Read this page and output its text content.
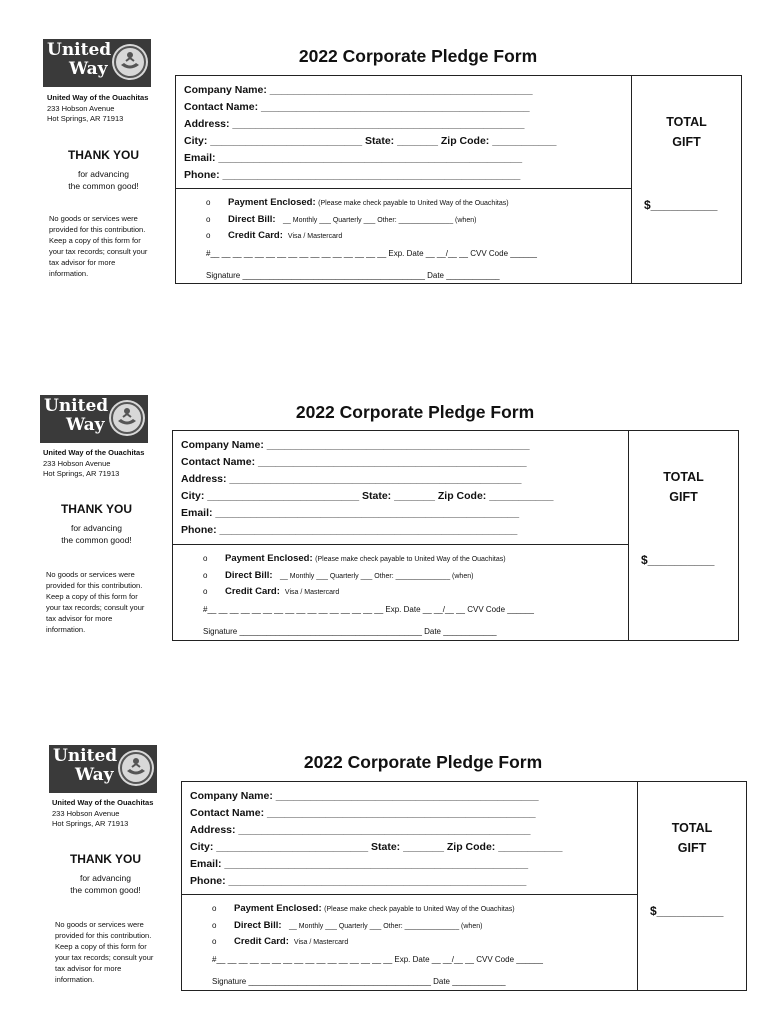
United
Way
United Way of the Ouachitas
233 Hobson Avenue
Hot Springs, AR 71913
THANK YOU
for advancing
the common good!
No goods or services were
provided for this contribution.
Keep a copy of this form for
your tax records; consult your
tax advisor for more
information.
2022 Corporate Pledge Form
Company Name: _____________________________________________
Contact Name: ______________________________________________
Address: __________________________________________________
City: __________________________ State: _______ Zip Code: ___________
Email: ____________________________________________________
Phone: ___________________________________________________
o Payment Enclosed: (Please make check payable to United Way of the Ouachitas)
o Direct Bill: __ Monthly ___ Quarterly ___ Other: ______________ (when)
o Credit Card: Visa / Mastercard
#__ __ __ __ __ __ __ __ __ __ __ __ __ __ __ __ Exp. Date __ __/__ __ CVV Code ______
Signature _________________________________________ Date ____________
TOTAL
GIFT
$__________
United
Way
United Way of the Ouachitas
233 Hobson Avenue
Hot Springs, AR 71913
THANK YOU
for advancing
the common good!
No goods or services were
provided for this contribution.
Keep a copy of this form for
your tax records; consult your
tax advisor for more
information.
2022 Corporate Pledge Form
Company Name: _____________________________________________
Contact Name: ______________________________________________
Address: __________________________________________________
City: __________________________ State: _______ Zip Code: ___________
Email: ____________________________________________________
Phone: ___________________________________________________
o Payment Enclosed: (Please make check payable to United Way of the Ouachitas)
o Direct Bill: __ Monthly ___ Quarterly ___ Other: ______________ (when)
o Credit Card: Visa / Mastercard
#__ __ __ __ __ __ __ __ __ __ __ __ __ __ __ __ Exp. Date __ __/__ __ CVV Code ______
Signature _________________________________________ Date ____________
TOTAL
GIFT
$__________
United
Way
United Way of the Ouachitas
233 Hobson Avenue
Hot Springs, AR 71913
THANK YOU
for advancing
the common good!
No goods or services were
provided for this contribution.
Keep a copy of this form for
your tax records; consult your
tax advisor for more
information.
2022 Corporate Pledge Form
Company Name: _____________________________________________
Contact Name: ______________________________________________
Address: __________________________________________________
City: __________________________ State: _______ Zip Code: ___________
Email: ____________________________________________________
Phone: ___________________________________________________
o Payment Enclosed: (Please make check payable to United Way of the Ouachitas)
o Direct Bill: __ Monthly ___ Quarterly ___ Other: ______________ (when)
o Credit Card: Visa / Mastercard
#__ __ __ __ __ __ __ __ __ __ __ __ __ __ __ __ Exp. Date __ __/__ __ CVV Code ______
Signature _________________________________________ Date ____________
TOTAL
GIFT
$__________
